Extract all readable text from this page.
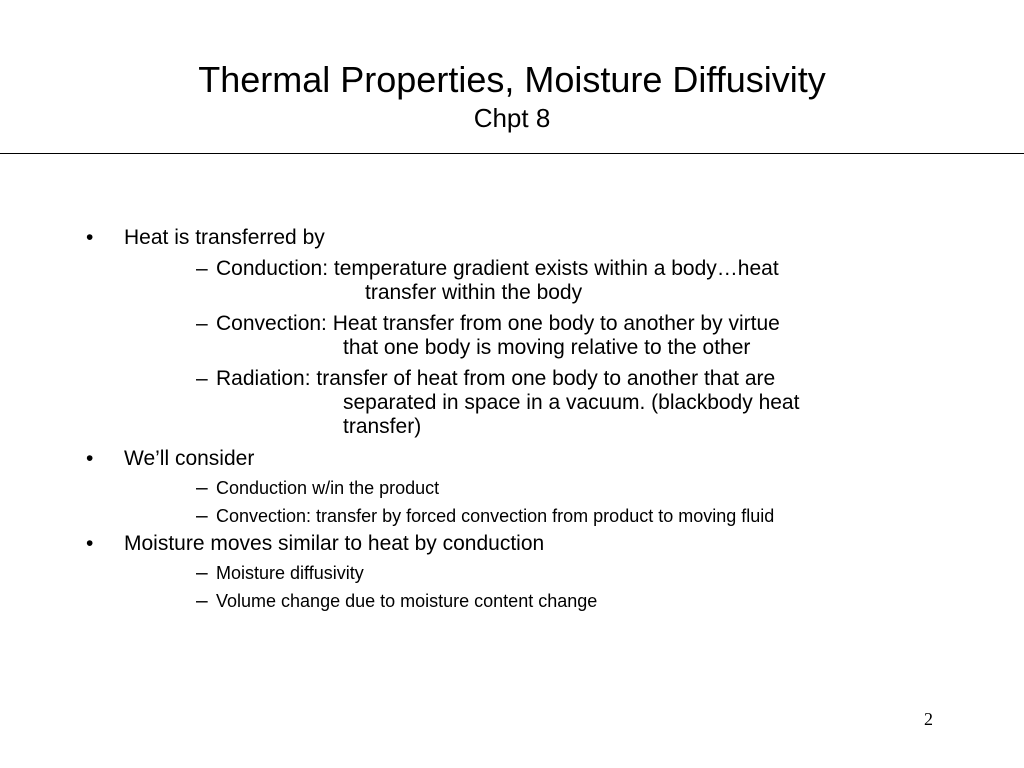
Thermal Properties, Moisture Diffusivity
Chpt 8
• Heat is transferred by
– Conduction: temperature gradient exists within a body…heat
transfer within the body
– Convection: Heat transfer from one body to another by virtue
that one body is moving relative to the other
– Radiation: transfer of heat from one body to another that are
separated in space in a vacuum. (blackbody heat
transfer)
• We’ll consider
– Conduction w/in the product
– Convection: transfer by forced convection from product to moving fluid
• Moisture moves similar to heat by conduction
– Moisture diffusivity
– Volume change due to moisture content change
2
